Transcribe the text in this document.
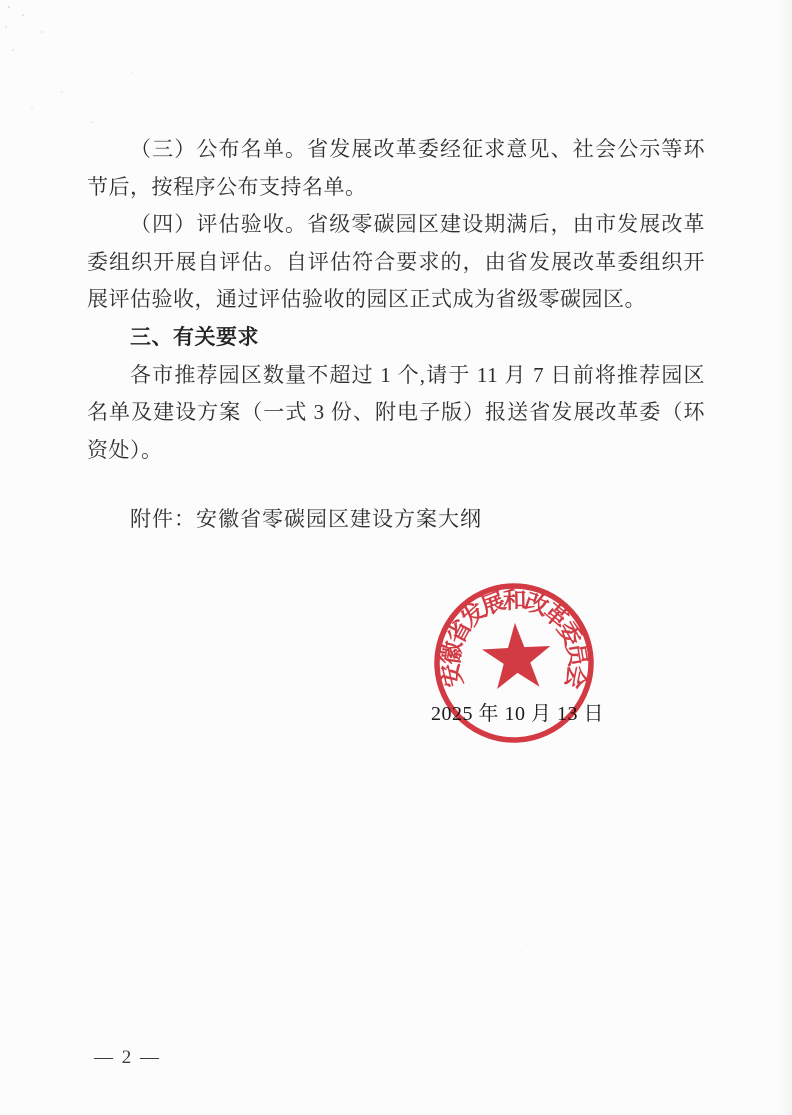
（三）公布名单。省发展改革委经征求意见、社会公示等环
节后，按程序公布支持名单。
（四）评估验收。省级零碳园区建设期满后，由市发展改革
委组织开展自评估。自评估符合要求的，由省发展改革委组织开
展评估验收，通过评估验收的园区正式成为省级零碳园区。
三、有关要求
各市推荐园区数量不超过 1 个,请于 11 月 7 日前将推荐园区
名单及建设方案（一式 3 份、附电子版）报送省发展改革委（环
资处）。
附件：安徽省零碳园区建设方案大纲
2025 年 10 月 13 日
安徽省发展和改革委员会
— 2 —
